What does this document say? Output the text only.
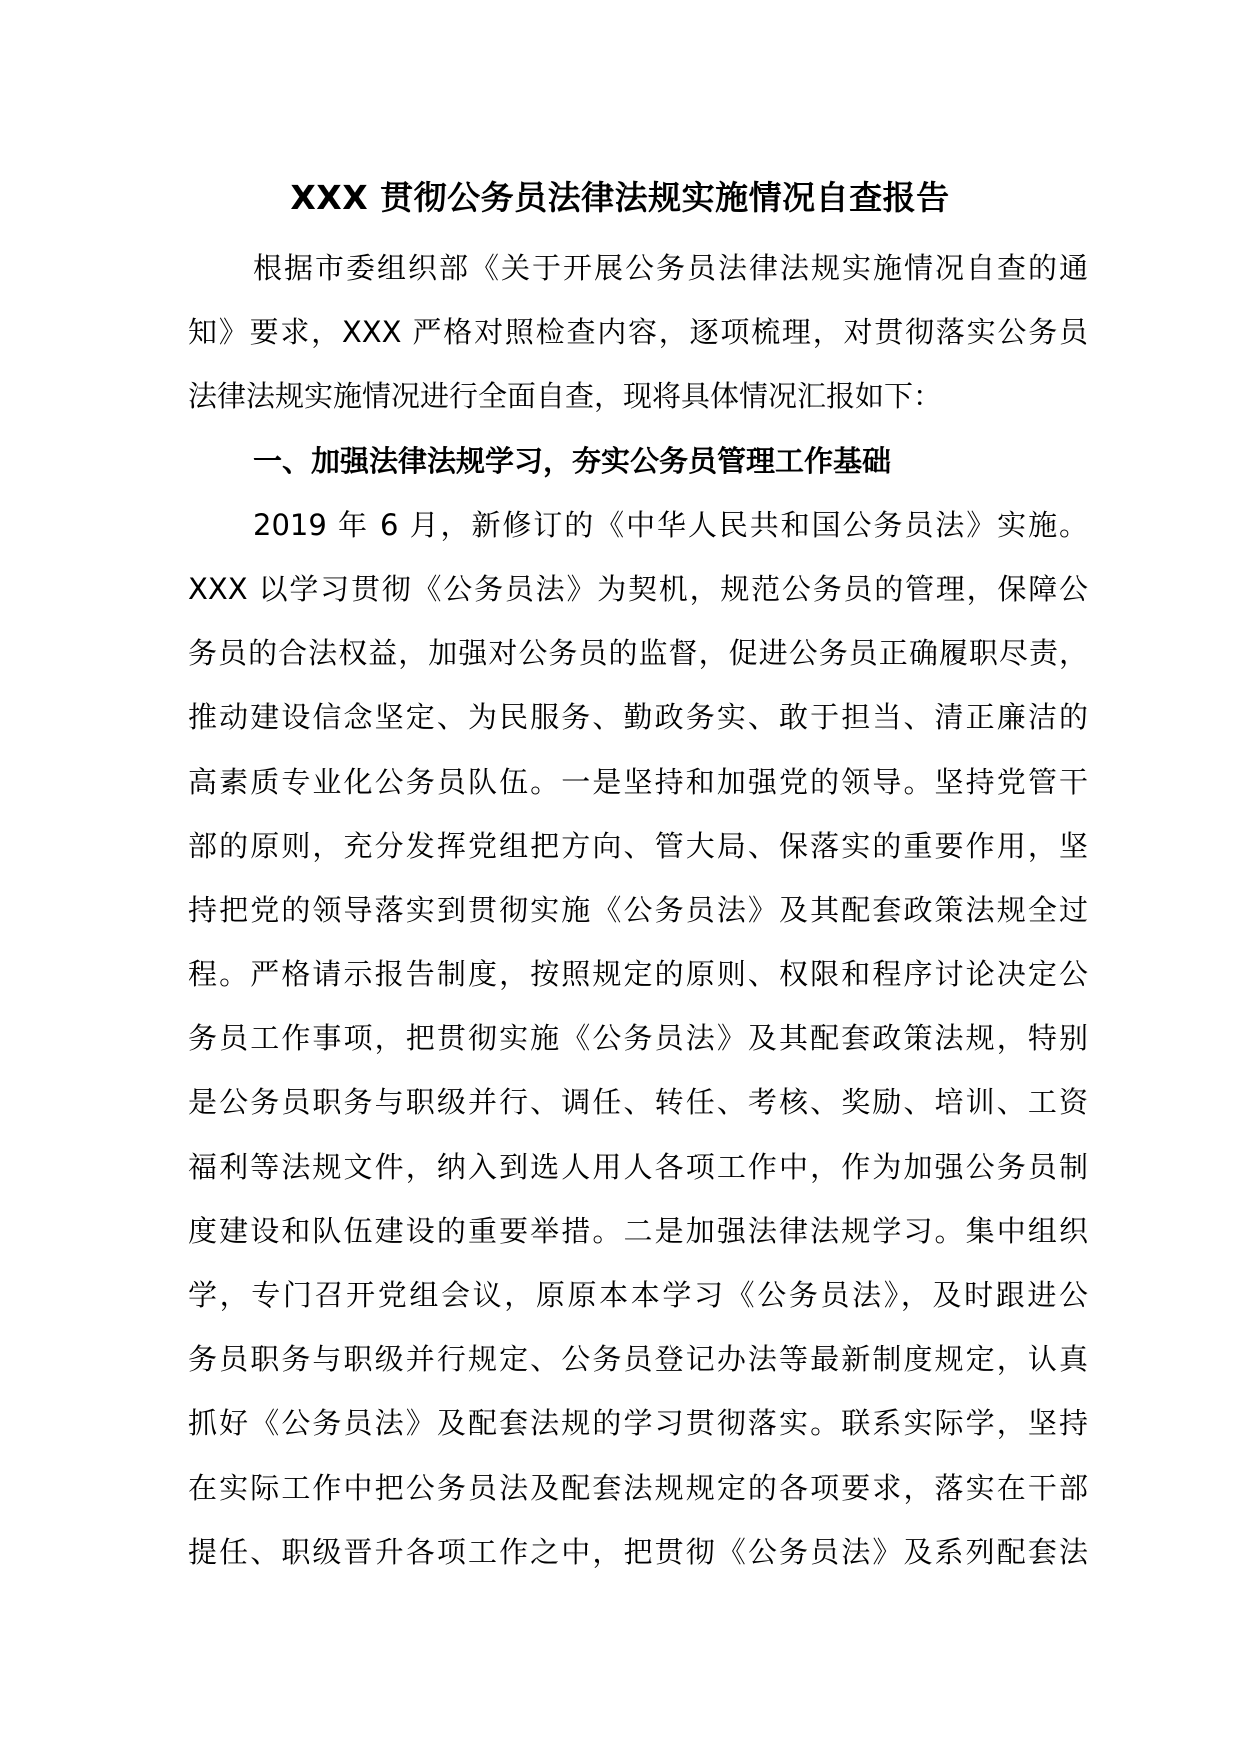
XXX 贯彻公务员法律法规实施情况自查报告
根据市委组织部《关于开展公务员法律法规实施情况自查的通
知》要求，XXX 严格对照检查内容，逐项梳理，对贯彻落实公务员
法律法规实施情况进行全面自查，现将具体情况汇报如下：
一、加强法律法规学习，夯实公务员管理工作基础
2019 年 6 月，新修订的《中华人民共和国公务员法》实施。
XXX 以学习贯彻《公务员法》为契机，规范公务员的管理，保障公
务员的合法权益，加强对公务员的监督，促进公务员正确履职尽责，
推动建设信念坚定、为民服务、勤政务实、敢于担当、清正廉洁的
高素质专业化公务员队伍。一是坚持和加强党的领导。坚持党管干
部的原则，充分发挥党组把方向、管大局、保落实的重要作用，坚
持把党的领导落实到贯彻实施《公务员法》及其配套政策法规全过
程。严格请示报告制度，按照规定的原则、权限和程序讨论决定公
务员工作事项，把贯彻实施《公务员法》及其配套政策法规，特别
是公务员职务与职级并行、调任、转任、考核、奖励、培训、工资
福利等法规文件，纳入到选人用人各项工作中，作为加强公务员制
度建设和队伍建设的重要举措。二是加强法律法规学习。集中组织
学，专门召开党组会议，原原本本学习《公务员法》，及时跟进公
务员职务与职级并行规定、公务员登记办法等最新制度规定，认真
抓好《公务员法》及配套法规的学习贯彻落实。联系实际学，坚持
在实际工作中把公务员法及配套法规规定的各项要求，落实在干部
提任、职级晋升各项工作之中，把贯彻《公务员法》及系列配套法
